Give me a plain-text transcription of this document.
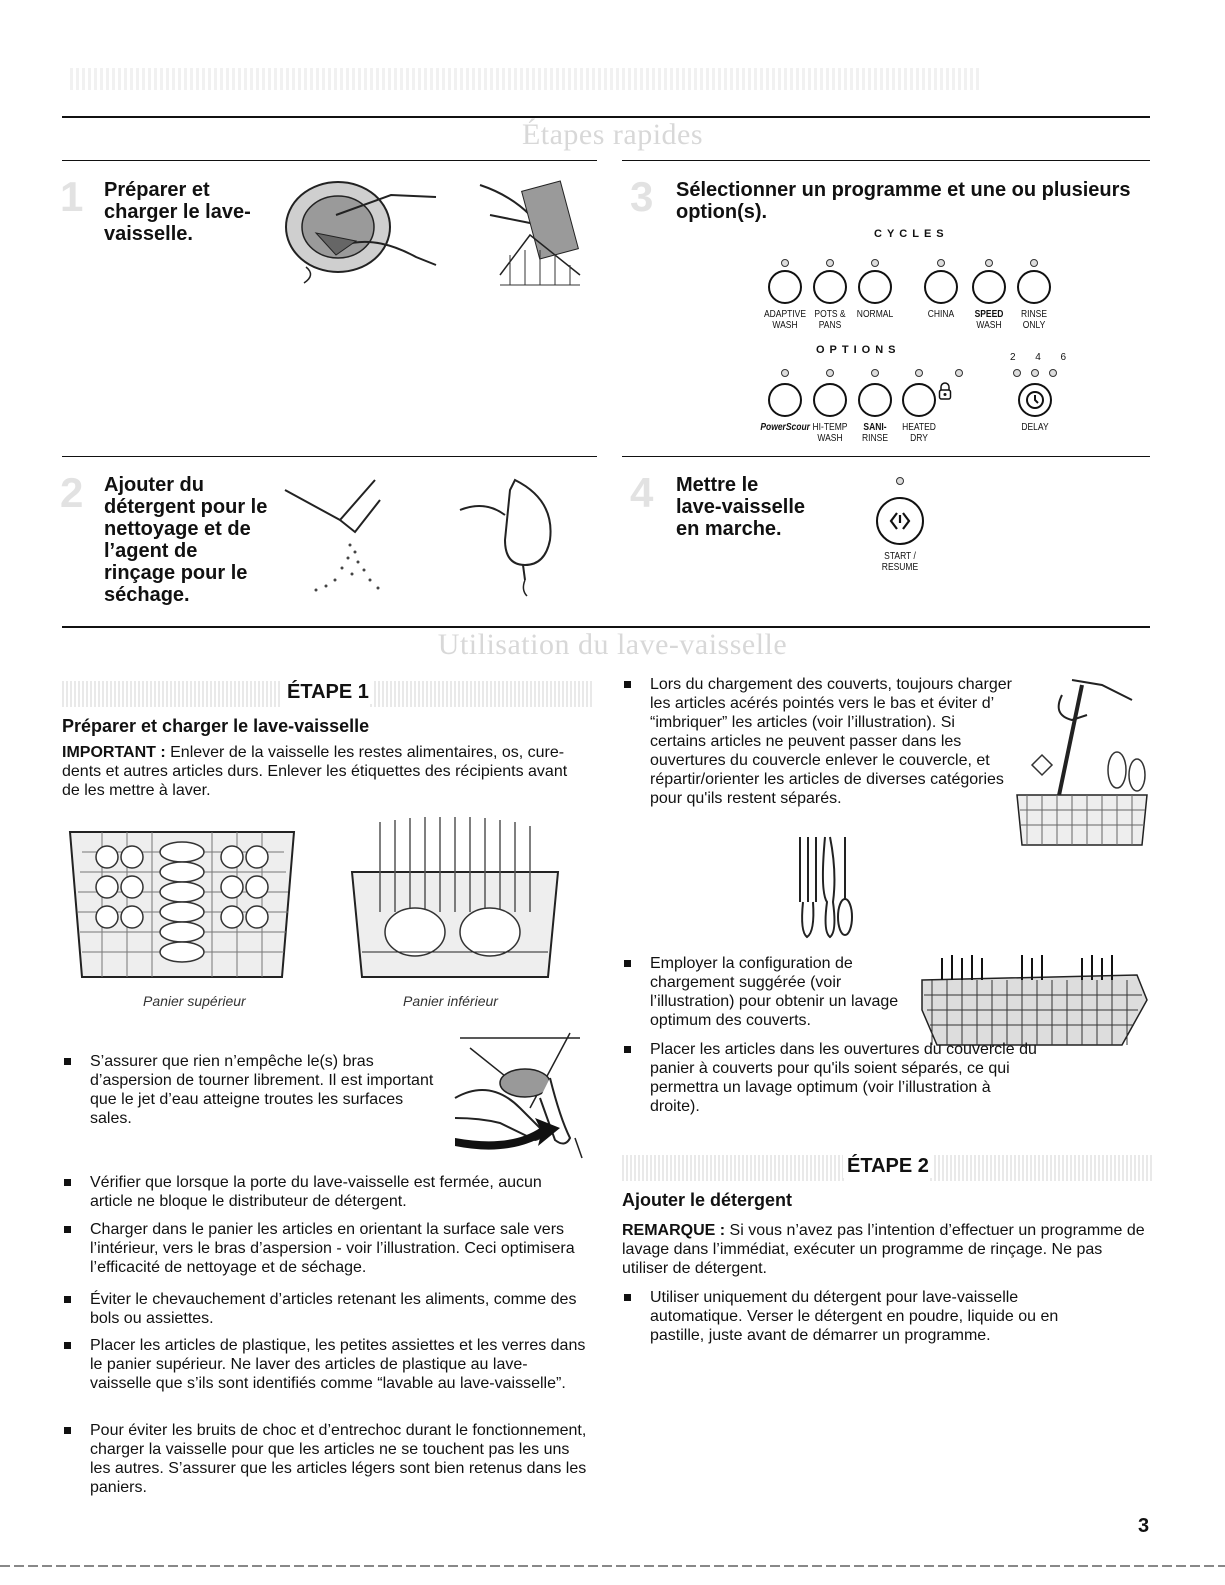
Étapes rapides
1 Préparer et
charger le lave-
vaisselle.
3 Sélectionner un programme et une ou plusieurs
option(s).
CYCLES
ADAPTIVE
WASH
POTS &
PANS
NORMAL	CHINA	SPEED
WASH
RINSE
ONLY
OPTIONS
2 4 6
PowerScour HI-TEMP
WASH
SANI-
RINSE
HEATED
DRY
DELAY
2 Ajouter du
détergent pour le
nettoyage et de
l’agent de
rinçage pour le
séchage.
4 Mettre le
lave-vaisselle
en marche.
START /
RESUME
Utilisation du lave-vaisselle
ÉTAPE 1
Préparer et charger le lave-vaisselle
IMPORTANT : Enlever de la vaisselle les restes alimentaires, os, cure-dents et autres articles durs. Enlever les étiquettes des récipients avant de les mettre à laver.
Panier supérieur	Panier inférieur
S’assurer que rien n’empêche le(s) bras d’aspersion de tourner librement. Il est important que le jet d’eau atteigne troutes les surfaces sales.
Vérifier que lorsque la porte du lave-vaisselle est fermée, aucun article ne bloque le distributeur de détergent.
Charger dans le panier les articles en orientant la surface sale vers l’intérieur, vers le bras d’aspersion - voir l’illustration. Ceci optimisera l’efficacité de nettoyage et de séchage.
Éviter le chevauchement d’articles retenant les aliments, comme des bols ou assiettes.
Placer les articles de plastique, les petites assiettes et les verres dans le panier supérieur. Ne laver des articles de plastique au lave-vaisselle que s’ils sont identifiés comme “lavable au lave-vaisselle”.
Pour éviter les bruits de choc et d’entrechoc durant le fonctionnement, charger la vaisselle pour que les articles ne se touchent pas les uns les autres. S’assurer que les articles légers sont bien retenus dans les paniers.
Lors du chargement des couverts, toujours charger les articles acérés pointés vers le bas et éviter d’ “imbriquer” les articles (voir l’illustration). Si certains articles ne peuvent passer dans les ouvertures du couvercle enlever le couvercle, et répartir/orienter les articles de diverses catégories pour qu'ils restent séparés.
Employer la configuration de chargement suggérée (voir l’illustration) pour obtenir un lavage optimum des couverts.
Placer les articles dans les ouvertures du couvercle du panier à couverts pour qu'ils soient séparés, ce qui permettra un lavage optimum (voir l’illustration à droite).
ÉTAPE 2
Ajouter le détergent
REMARQUE : Si vous n’avez pas l’intention d’effectuer un programme de lavage dans l’immédiat, exécuter un programme de rinçage. Ne pas utiliser de détergent.
Utiliser uniquement du détergent pour lave-vaisselle automatique. Verser le détergent en poudre, liquide ou en pastille, juste avant de démarrer un programme.
3
